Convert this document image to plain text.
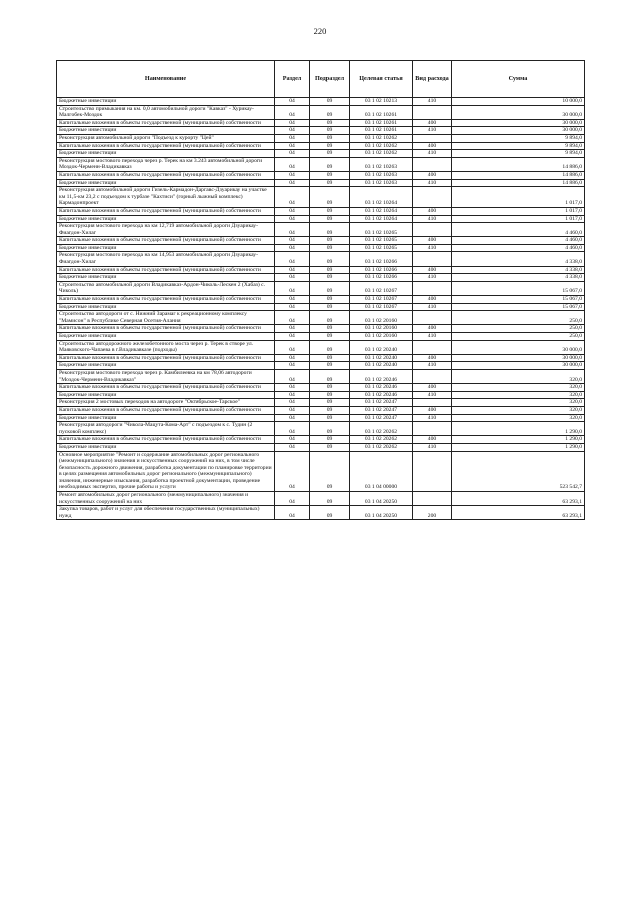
220
Наименование	Раздел	Подраздел	Целевая статья	Вид расхода	Сумма
Бюджетные инвестиции	04	09	03 1 02 10213	410	10 000,0
Строительство примыкания на км. 0,0 автомобильной дороги "Кавказ" - Хурикау-Малгобек-Моздок	04	09	03 1 02 10261		30 000,0
Капитальные вложения в объекты государственной (муниципальной) собственности	04	09	03 1 02 10261	400	30 000,0
Бюджетные инвестиции	04	09	03 1 02 10261	410	30 000,0
Реконструкция автомобильной дороги "Подъезд к курорту "Цей"	04	09	03 1 02 10262		9 894,0
Капитальные вложения в объекты государственной (муниципальной) собственности	04	09	03 1 02 10262	400	9 894,0
Бюджетные инвестиции	04	09	03 1 02 10262	410	9 894,0
Реконструкция мостового перехода через р. Терек на км 3.243 автомобильной дороги Моздок-Черменн-Владикавказ	04	09	03 1 02 10263		14 886,0
Капитальные вложения в объекты государственной (муниципальной) собственности	04	09	03 1 02 10263	400	14 886,0
Бюджетные инвестиции	04	09	03 1 02 10263	410	14 886,0
Реконструкция автомобильной дороги Гизель-Кармадон-Даргавс-Дзуарикау на участке км 11,5-км 23,2 с подъездом к турбазе "Кахтиси" (горный лыжный комплекс) Кармадонпроект	04	09	03 1 02 10264		1 017,0
Капитальные вложения в объекты государственной (муниципальной) собственности	04	09	03 1 02 10264	400	1 017,0
Бюджетные инвестиции	04	09	03 1 02 10264	410	1 017,0
Реконструкция мостового перехода на км 12,719 автомобильной дороги Дзуарикау-Фиагдон-Хилаг	04	09	03 1 02 10265		4 460,0
Капитальные вложения в объекты государственной (муниципальной) собственности	04	09	03 1 02 10265	400	4 460,0
Бюджетные инвестиции	04	09	03 1 02 10265	410	4 460,0
Реконструкция мостового перехода на км 14,953 автомобильной дороги Дзуарикау-Фиагдон-Хилаг	04	09	03 1 02 10266		4 338,0
Капитальные вложения в объекты государственной (муниципальной) собственности	04	09	03 1 02 10266	400	4 338,0
Бюджетные инвестиции	04	09	03 1 02 10266	410	4 338,0
Строительство автомобильной дороги Владикавказ-Ардон-Чиколь-Лескен 2 (Хабаз) с. Чиколь)	04	09	03 1 02 10267		15 067,0
Капитальные вложения в объекты государственной (муниципальной) собственности	04	09	03 1 02 10267	400	15 067,0
Бюджетные инвестиции	04	09	03 1 02 10267	410	15 067,0
Строительство автодороги от с. Нижний Зарамаг к рекреационному комплексу "Мамисон" в Республике Северная Осетия-Алания	04	09	03 1 02 20160		250,0
Капитальные вложения в объекты государственной (муниципальной) собственности	04	09	03 1 02 20160	400	250,0
Бюджетные инвестиции	04	09	03 1 02 20160	410	250,0
Строительство автодорожного железобетонного моста через р. Терек в створе ул. Маяковского-Чапаева в г.Владикавказе (подходы)	04	09	03 1 02 20240		30 000,0
Капитальные вложения в объекты государственной (муниципальной) собственности	04	09	03 1 02 20240	400	30 000,0
Бюджетные инвестиции	04	09	03 1 02 20240	410	30 000,0
Реконструкция мостового перехода через р. Камбилеевка на км 78,06 автодороги "Моздок-Черменн-Владикавказ"	04	09	03 1 02 20246		320,0
Капитальные вложения в объекты государственной (муниципальной) собственности	04	09	03 1 02 20246	400	320,0
Бюджетные инвестиции	04	09	03 1 02 20246	410	320,0
Реконструкция 2 мостовых переходов на автодороге "Октябрьское-Тарское"	04	09	03 1 02 20247		320,0
Капитальные вложения в объекты государственной (муниципальной) собственности	04	09	03 1 02 20247	400	320,0
Бюджетные инвестиции	04	09	03 1 02 20247	410	320,0
Реконструкция автодороги "Чикола-Мацута-Кома-Арт" с подъездом к с. Тудин (2 пусковой комплекс)	04	09	03 1 02 20262		1 290,0
Капитальные вложения в объекты государственной (муниципальной) собственности	04	09	03 1 02 20262	400	1 290,0
Бюджетные инвестиции	04	09	03 1 02 20262	410	1 290,0
Основное мероприятие "Ремонт и содержание автомобильных дорог регионального (межмуниципального) значения и искусственных сооружений на них, в том числе безопасность дорожного движения, разработка документации по планировке территории в целях размещения автомобильных дорог регионального (межмуниципального) значения, инженерные изыскания, разработка проектной документации, проведение необходимых экспертиз, прочие работы и услуги	04	09	03 1 04 00000		523 542,7
Ремонт автомобильных дорог регионального (межмуниципального) значения и искусственных сооружений на них	04	09	03 1 04 20250		63 293,1
Закупка товаров, работ и услуг для обеспечения государственных (муниципальных) нужд	04	09	03 1 04 20250	200	63 293,1
